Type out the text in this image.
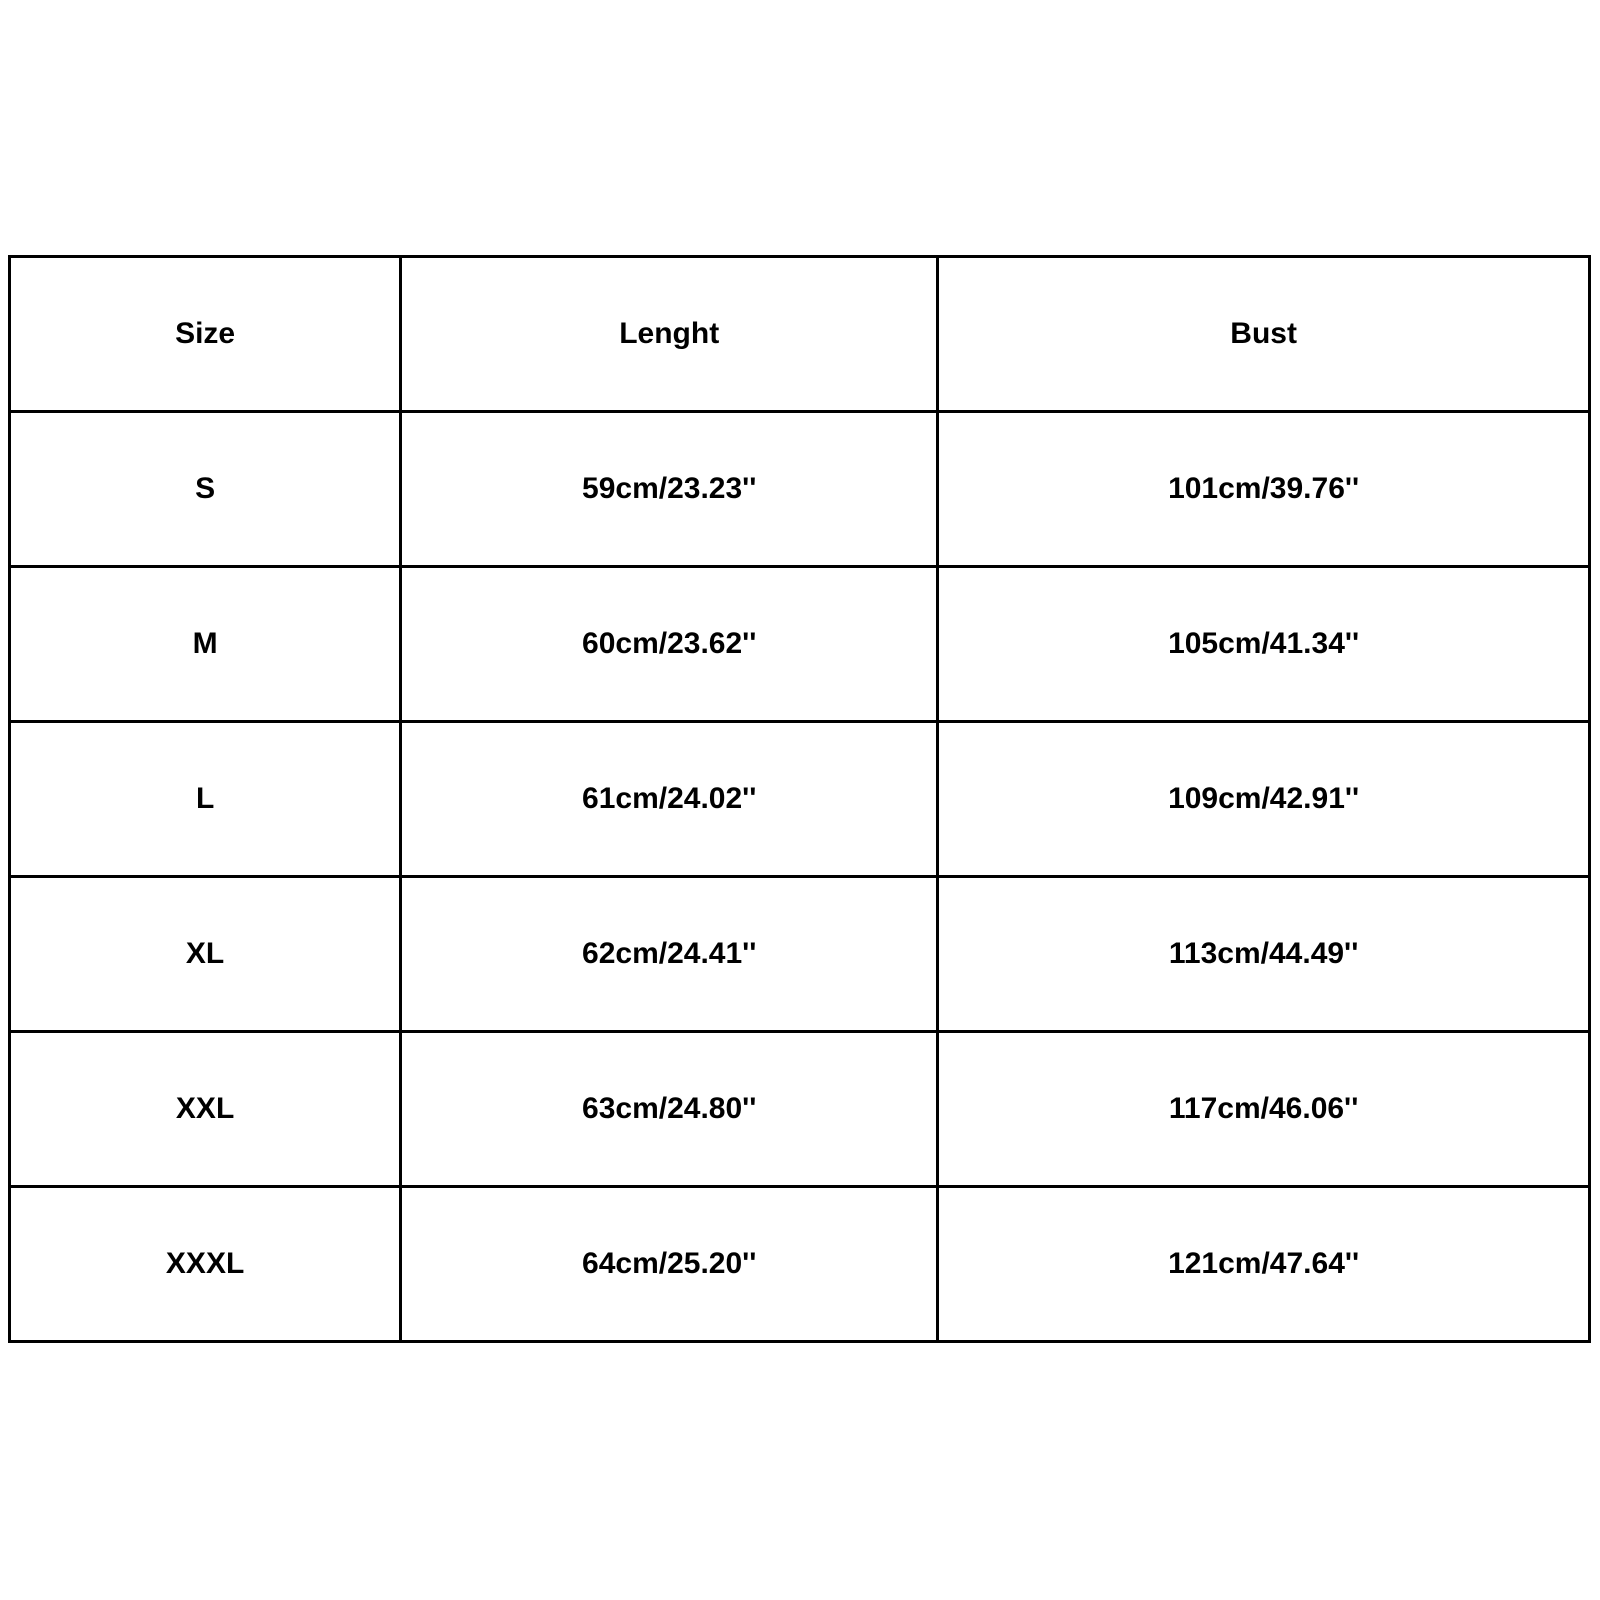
Size	Lenght	Bust
S	59cm/23.23''	101cm/39.76''
M	60cm/23.62''	105cm/41.34''
L	61cm/24.02''	109cm/42.91''
XL	62cm/24.41''	113cm/44.49''
XXL	63cm/24.80''	117cm/46.06''
XXXL	64cm/25.20''	121cm/47.64''
